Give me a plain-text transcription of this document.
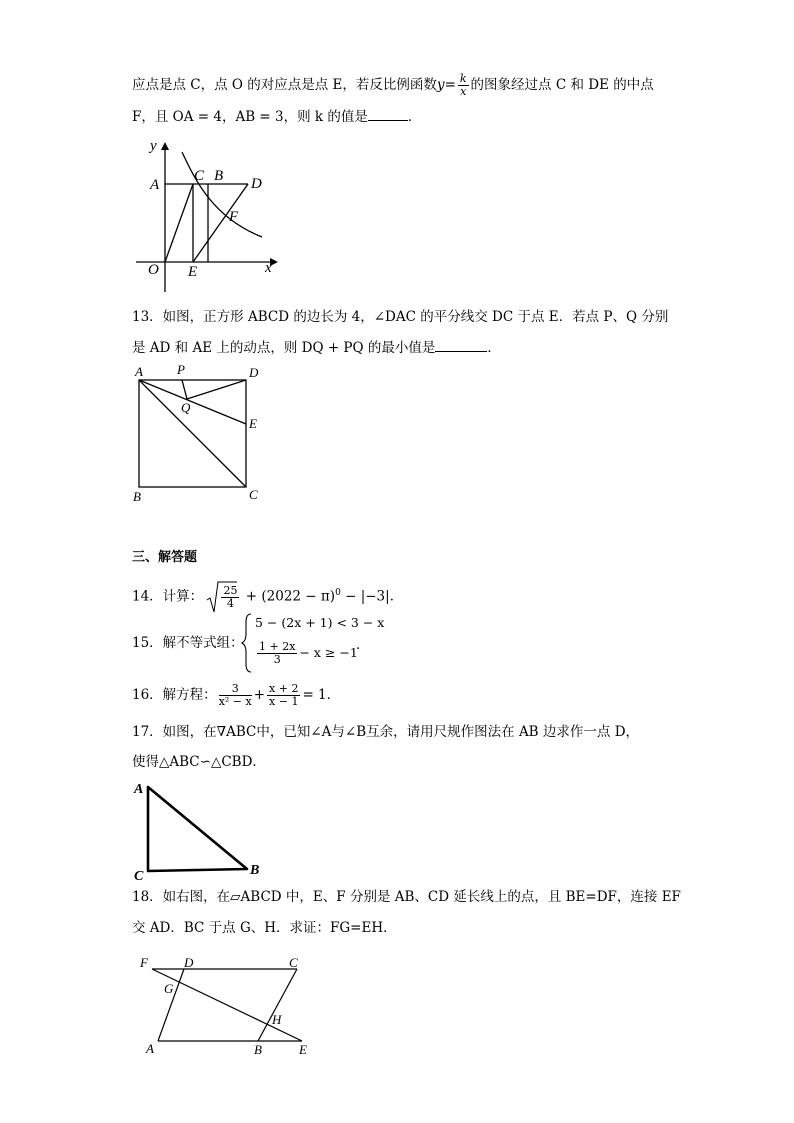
应点是点 C，点 O 的对应点是点 E，若反比例函数$y= \frac{k}{x}$ 的图象经过点 C 和 DE 的中点
F，且 OA = 4，AB = 3，则 k 的值是	．
y
x
O
A
C B D
F
E
13．如图，正方形 ABCD 的边长为 4，∠DAC 的平分线交 DC 于点 E．若点 P、Q 分别
是 AD 和 AE 上的动点，则 DQ + PQ 的最小值是	．
A	P	D
Q
E
B	C
三、解答题
14．计算： $\frac{25}{4} + (2022 - \pi)^0 - |-3|$．
15．解不等式组：
5 − (2x + 1) < 3 − x
$\frac{1 + 2x}{3} - x \ge -1$
．
16．解方程： $\frac{3}{\text{x² − x}} + \frac{x + 2}{x - 1} = 1$．
17．如图，在∇ABC中，已知∠A与∠B互余，请用尺规作图法在 AB 边求作一点 D，
使得△ABC∽△CBD．
A
C	B
18．如右图，在▱ABCD 中，E、F 分别是 AB、CD 延长线上的点，且 BE=DF，连接 EF
交 AD．BC 于点 G、H．求证：FG=EH．
F	D	C
G
H
A	B	E
